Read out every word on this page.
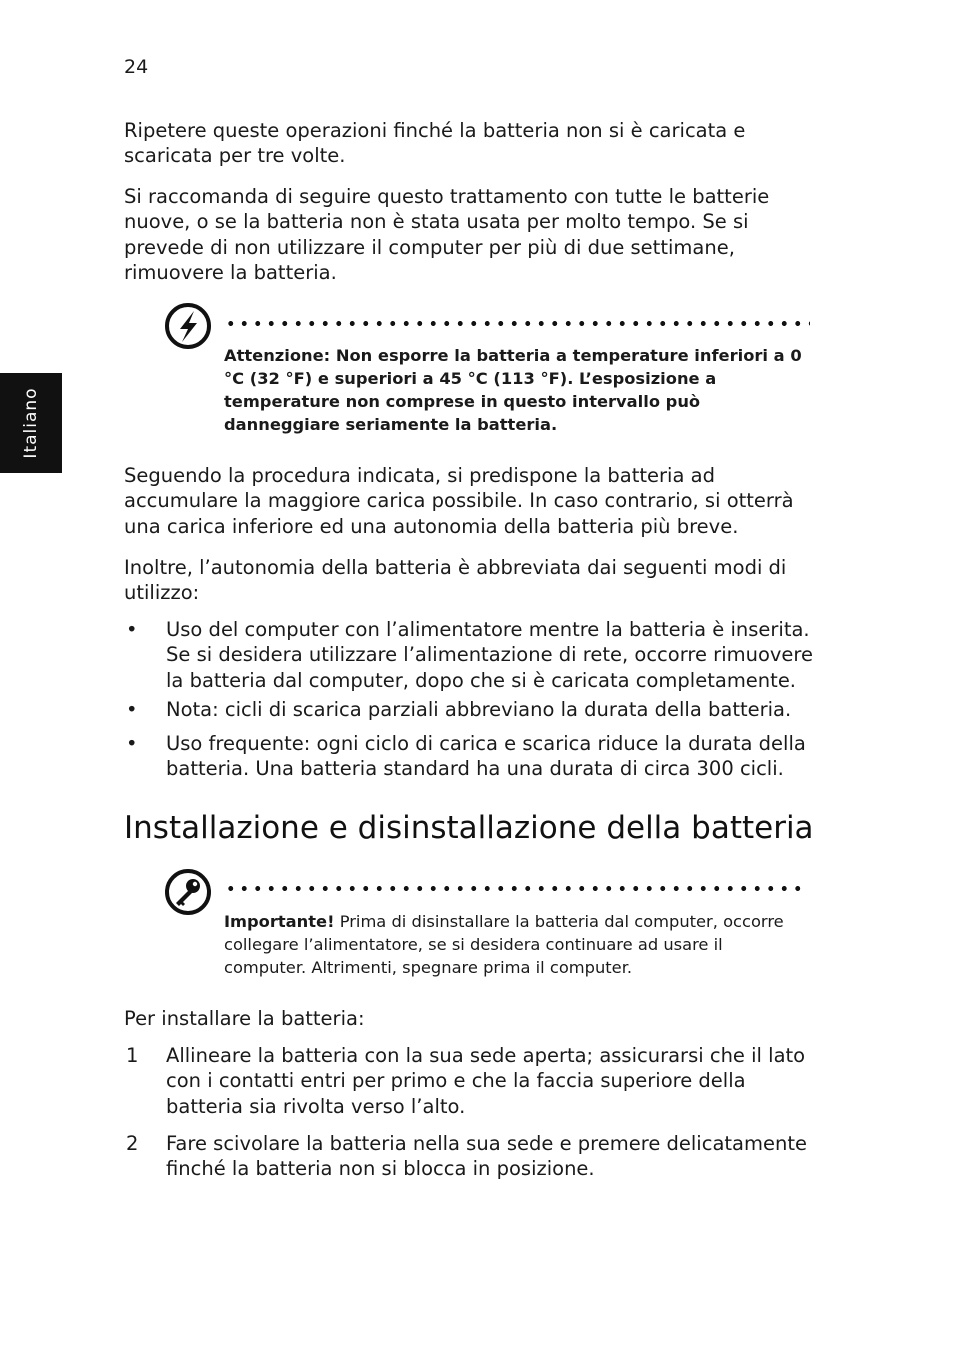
24
Italiano

Ripetere queste operazioni finché la batteria non si è caricata e scaricata per tre volte.

Si raccomanda di seguire questo trattamento con tutte le batterie nuove, o se la batteria non è stata usata per molto tempo. Se si prevede di non utilizzare il computer per più di due settimane, rimuovere la batteria.

Attenzione: Non esporre la batteria a temperature inferiori a 0 °C (32 °F) e superiori a 45 °C (113 °F). L’esposizione a temperature non comprese in questo intervallo può danneggiare seriamente la batteria.

Seguendo la procedura indicata, si predispone la batteria ad accumulare la maggiore carica possibile. In caso contrario, si otterrà una carica inferiore ed una autonomia della batteria più breve.

Inoltre, l’autonomia della batteria è abbreviata dai seguenti modi di utilizzo:

• Uso del computer con l’alimentatore mentre la batteria è inserita. Se si desidera utilizzare l’alimentazione di rete, occorre rimuovere la batteria dal computer, dopo che si è caricata completamente.
• Nota: cicli di scarica parziali abbreviano la durata della batteria.
• Uso frequente: ogni ciclo di carica e scarica riduce la durata della batteria. Una batteria standard ha una durata di circa 300 cicli.
Installazione e disinstallazione della batteria

Importante! Prima di disinstallare la batteria dal computer, occorre collegare l’alimentatore, se si desidera continuare ad usare il computer. Altrimenti, spegnare prima il computer.

Per installare la batteria:

1 Allineare la batteria con la sua sede aperta; assicurarsi che il lato con i contatti entri per primo e che la faccia superiore della batteria sia rivolta verso l’alto.
2 Fare scivolare la batteria nella sua sede e premere delicatamente finché la batteria non si blocca in posizione.
